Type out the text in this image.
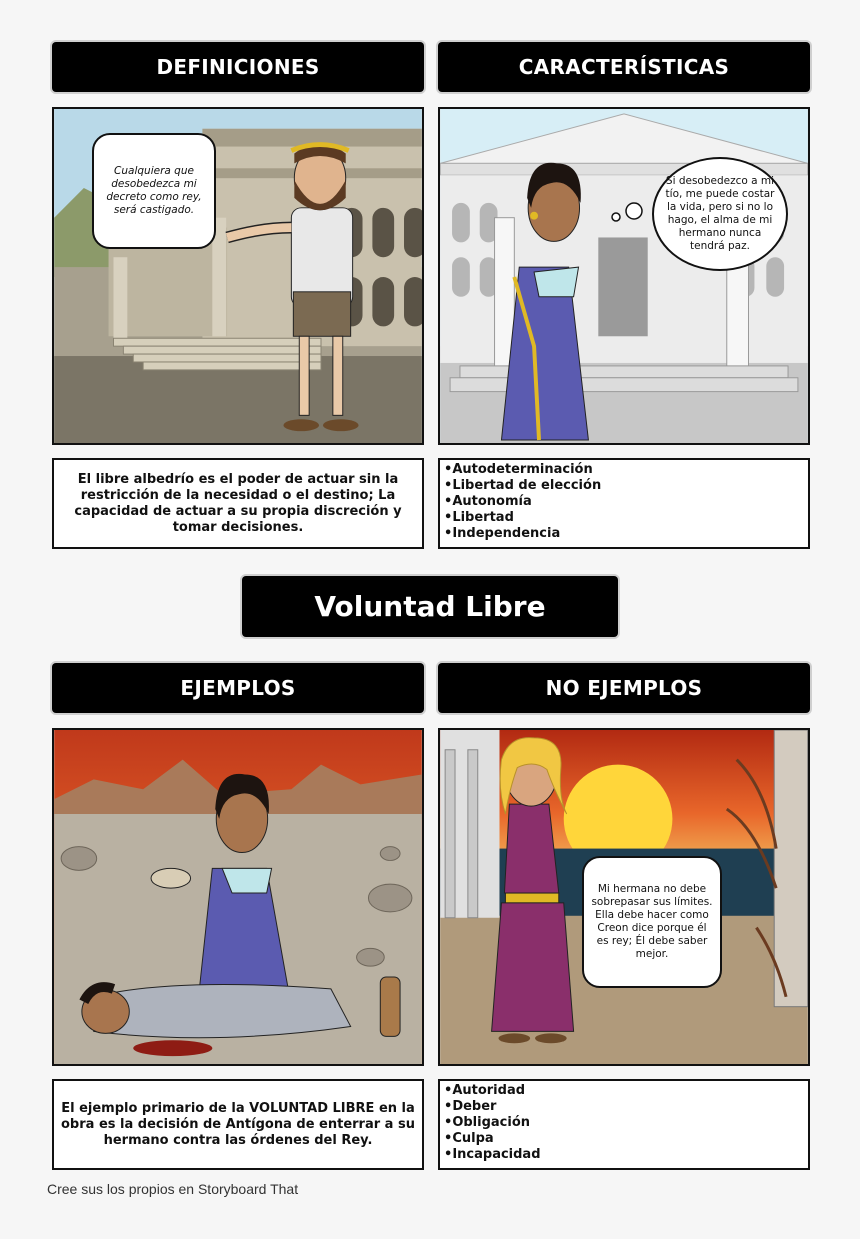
DEFINICIONES	CARACTERÍSTICAS
Cualquiera que desobedezca mi decreto como rey, será castigado.
Si desobedezco a mi tío, me puede costar la vida, pero si no lo hago, el alma de mi hermano nunca tendrá paz.
El libre albedrío es el poder de actuar sin la restricción de la necesidad o el destino; La capacidad de actuar a su propia discreción y tomar decisiones.
• Autodeterminación
• Libertad de elección
• Autonomía
• Libertad
• Independencia
Voluntad Libre
EJEMPLOS	NO EJEMPLOS
Mi hermana no debe sobrepasar sus límites. Ella debe hacer como Creon dice porque él es rey; Él debe saber mejor.
El ejemplo primario de la VOLUNTAD LIBRE en la obra es la decisión de Antígona de enterrar a su hermano contra las órdenes del Rey.
• Autoridad
• Deber
• Obligación
• Culpa
• Incapacidad
Cree sus los propios en Storyboard That
